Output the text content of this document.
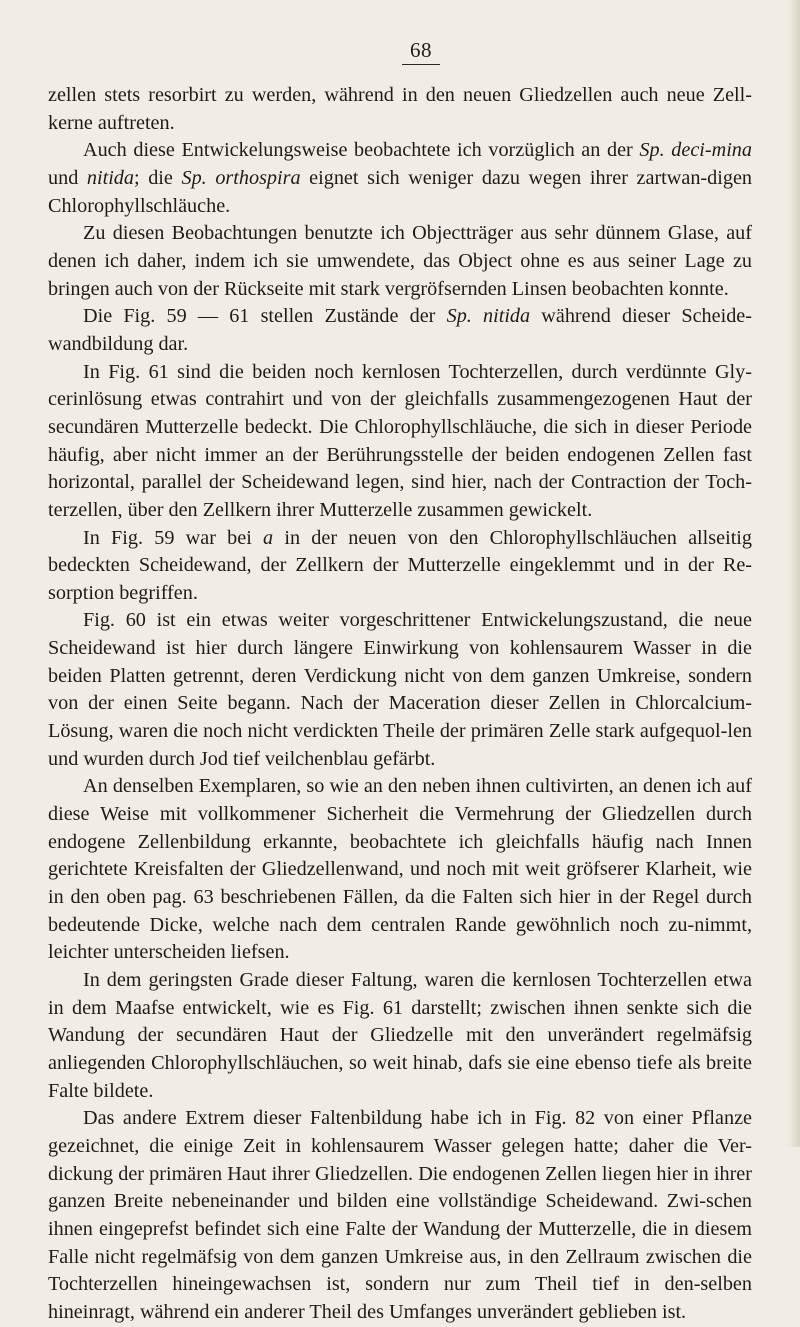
68

zellen stets resorbirt zu werden, während in den neuen Gliedzellen auch neue Zell-kerne auftreten.

Auch diese Entwickelungsweise beobachtete ich vorzüglich an der Sp. deci-mina und nitida; die Sp. orthospira eignet sich weniger dazu wegen ihrer zartwan-digen Chlorophyllschläuche.

Zu diesen Beobachtungen benutzte ich Objectträger aus sehr dünnem Glase, auf denen ich daher, indem ich sie umwendete, das Object ohne es aus seiner Lage zu bringen auch von der Rückseite mit stark vergröfsernden Linsen beobachten konnte.

Die Fig. 59 — 61 stellen Zustände der Sp. nitida während dieser Scheide-wandbildung dar.

In Fig. 61 sind die beiden noch kernlosen Tochterzellen, durch verdünnte Gly-cerinlösung etwas contrahirt und von der gleichfalls zusammengezogenen Haut der secundären Mutterzelle bedeckt. Die Chlorophyllschläuche, die sich in dieser Periode häufig, aber nicht immer an der Berührungsstelle der beiden endogenen Zellen fast horizontal, parallel der Scheidewand legen, sind hier, nach der Contraction der Toch-terzellen, über den Zellkern ihrer Mutterzelle zusammen gewickelt.

In Fig. 59 war bei a in der neuen von den Chlorophyllschläuchen allseitig bedeckten Scheidewand, der Zellkern der Mutterzelle eingeklemmt und in der Re-sorption begriffen.

Fig. 60 ist ein etwas weiter vorgeschrittener Entwickelungszustand, die neue Scheidewand ist hier durch längere Einwirkung von kohlensaurem Wasser in die beiden Platten getrennt, deren Verdickung nicht von dem ganzen Umkreise, sondern von der einen Seite begann. Nach der Maceration dieser Zellen in Chlorcalcium-Lösung, waren die noch nicht verdickten Theile der primären Zelle stark aufgequol-len und wurden durch Jod tief veilchenblau gefärbt.

An denselben Exemplaren, so wie an den neben ihnen cultivirten, an denen ich auf diese Weise mit vollkommener Sicherheit die Vermehrung der Gliedzellen durch endogene Zellenbildung erkannte, beobachtete ich gleichfalls häufig nach Innen gerichtete Kreisfalten der Gliedzellenwand, und noch mit weit gröfserer Klarheit, wie in den oben pag. 63 beschriebenen Fällen, da die Falten sich hier in der Regel durch bedeutende Dicke, welche nach dem centralen Rande gewöhnlich noch zu-nimmt, leichter unterscheiden liefsen.

In dem geringsten Grade dieser Faltung, waren die kernlosen Tochterzellen etwa in dem Maafse entwickelt, wie es Fig. 61 darstellt; zwischen ihnen senkte sich die Wandung der secundären Haut der Gliedzelle mit den unverändert regelmäfsig anliegenden Chlorophyllschläuchen, so weit hinab, dafs sie eine ebenso tiefe als breite Falte bildete.

Das andere Extrem dieser Faltenbildung habe ich in Fig. 82 von einer Pflanze gezeichnet, die einige Zeit in kohlensaurem Wasser gelegen hatte; daher die Ver-dickung der primären Haut ihrer Gliedzellen. Die endogenen Zellen liegen hier in ihrer ganzen Breite nebeneinander und bilden eine vollständige Scheidewand. Zwi-schen ihnen eingeprefst befindet sich eine Falte der Wandung der Mutterzelle, die in diesem Falle nicht regelmäfsig von dem ganzen Umkreise aus, in den Zellraum zwischen die Tochterzellen hineingewachsen ist, sondern nur zum Theil tief in den-selben hineinragt, während ein anderer Theil des Umfanges unverändert geblieben ist.
